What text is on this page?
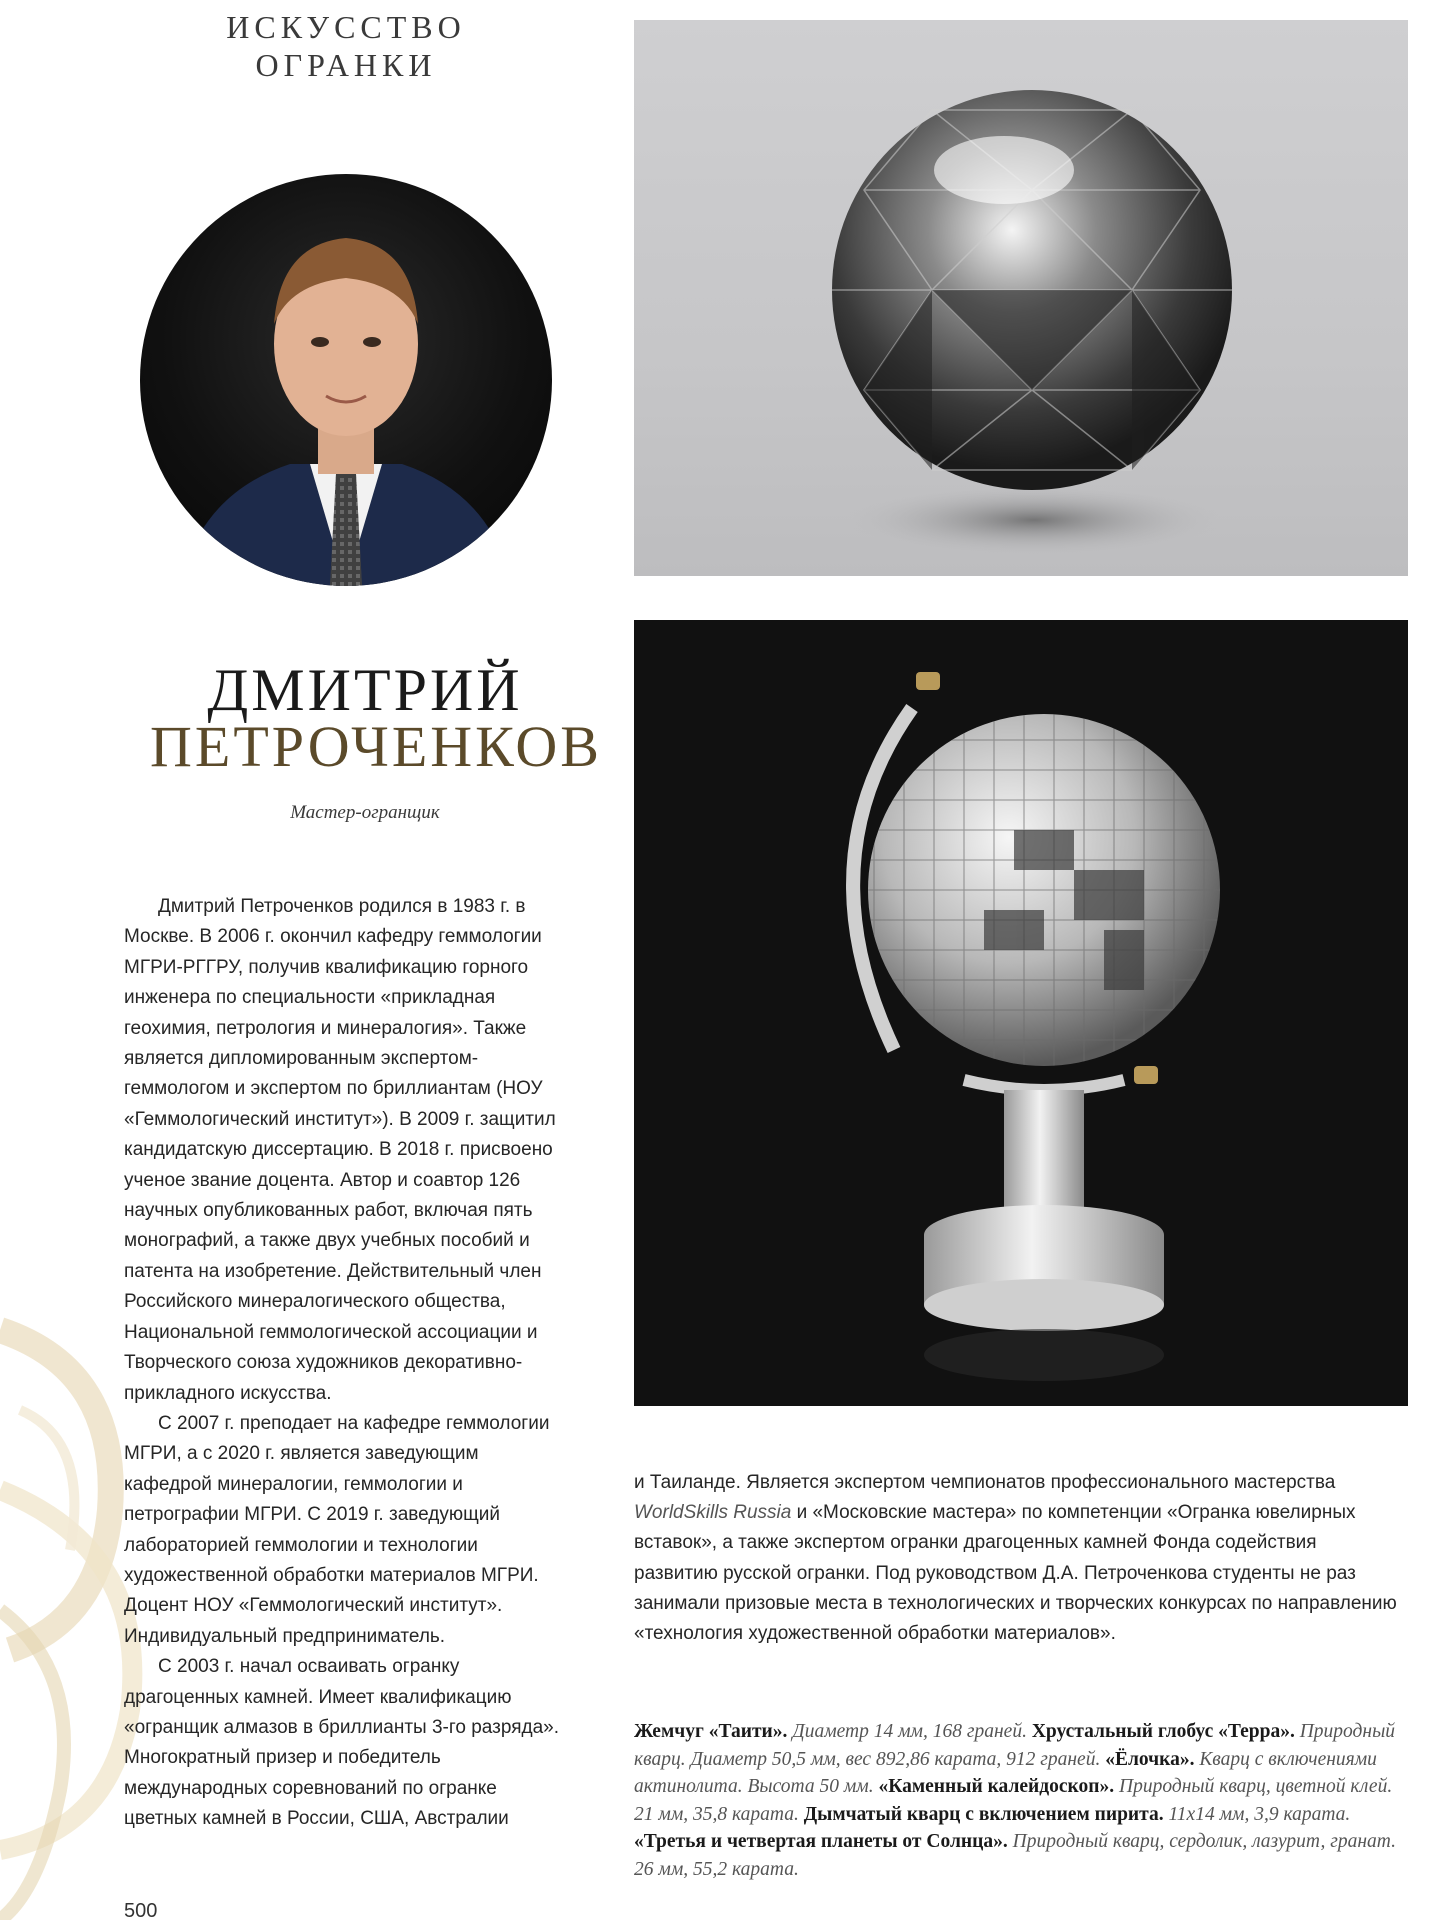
ИСКУССТВО
ОГРАНКИ
ДМИТРИЙ
ПЕТРОЧЕНКОВ
Мастер-огранщик

Дмитрий Петроченков родился в 1983 г. в Москве. В 2006 г. окончил кафедру геммологии МГРИ-РГГРУ, получив квалификацию горного инженера по специальности «прикладная геохимия, петрология и минералогия». Также является дипломированным экспертом-геммологом и экспертом по бриллиантам (НОУ «Геммологический институт»). В 2009 г. защитил кандидатскую диссертацию. В 2018 г. присвоено ученое звание доцента. Автор и соавтор 126 научных опубликованных работ, включая пять монографий, а также двух учебных пособий и патента на изобретение. Действительный член Российского минералогического общества, Национальной геммологической ассоциации и Творческого союза художников декоративно-прикладного искусства.

С 2007 г. преподает на кафедре геммологии МГРИ, а с 2020 г. является заведующим кафедрой минералогии, геммологии и петрографии МГРИ. С 2019 г. заведующий лабораторией геммологии и технологии художественной обработки материалов МГРИ. Доцент НОУ «Геммологический институт». Индивидуальный предприниматель.

С 2003 г. начал осваивать огранку драгоценных камней. Имеет квалификацию «огранщик алмазов в бриллианты 3-го разряда». Многократный призер и победитель международных соревнований по огранке цветных камней в России, США, Австралии

и Таиланде. Является экспертом чемпионатов профессионального мастерства WorldSkills Russia и «Московские мастера» по компетенции «Огранка ювелирных вставок», а также экспертом огранки драгоценных камней Фонда содействия развитию русской огранки. Под руководством Д.А. Петроченкова студенты не раз занимали призовые места в технологических и творческих конкурсах по направлению «технология художественной обработки материалов».

Жемчуг «Таити». Диаметр 14 мм, 168 граней. Хрустальный глобус «Терра». Природный кварц. Диаметр 50,5 мм, вес 892,86 карата, 912 граней. «Ёлочка». Кварц с включениями актинолита. Высота 50 мм. «Каменный калейдоскоп». Природный кварц, цветной клей. 21 мм, 35,8 карата. Дымчатый кварц с включением пирита. 11x14 мм, 3,9 карата. «Третья и четвертая планеты от Солнца». Природный кварц, сердолик, лазурит, гранат. 26 мм, 55,2 карата.

500
